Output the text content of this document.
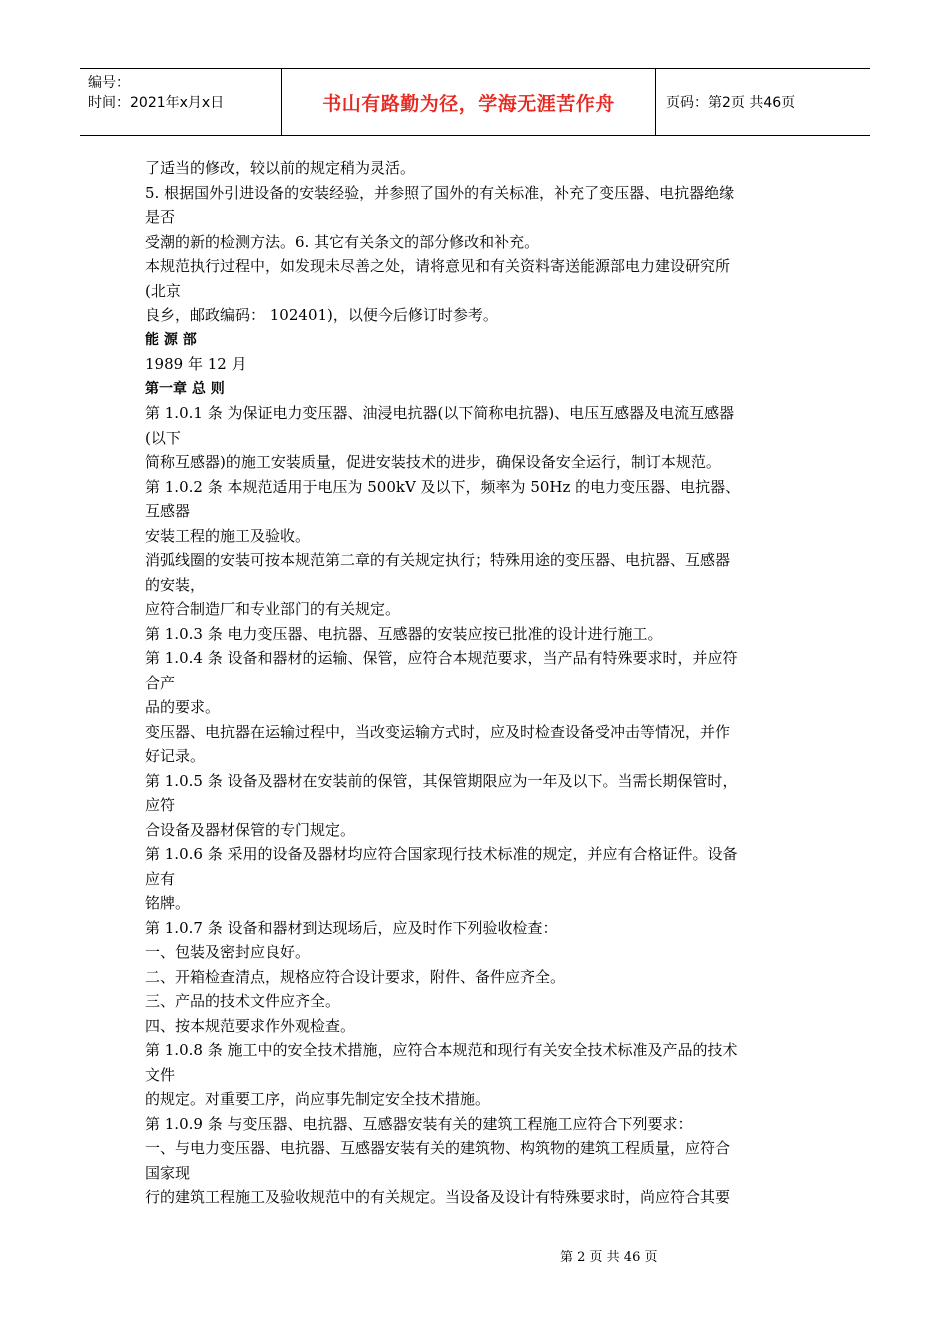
编号：
时间：2021年x月x日	书山有路勤为径，学海无涯苦作舟	页码：第2页 共46页

了适当的修改，较以前的规定稍为灵活。

5. 根据国外引进设备的安装经验，并参照了国外的有关标准，补充了变压器、电抗器绝缘

是否

受潮的新的检测方法。6. 其它有关条文的部分修改和补充。

本规范执行过程中，如发现未尽善之处，请将意见和有关资料寄送能源部电力建设研究所

(北京

良乡，邮政编码： 102401)，以便今后修订时参考。

能 源 部

1989 年 12 月

第一章 总 则

第 1.0.1 条 为保证电力变压器、油浸电抗器(以下简称电抗器)、电压互感器及电流互感器

(以下

简称互感器)的施工安装质量，促进安装技术的进步，确保设备安全运行，制订本规范。

第 1.0.2 条 本规范适用于电压为 500kV 及以下，频率为 50Hz 的电力变压器、电抗器、

互感器

安装工程的施工及验收。

消弧线圈的安装可按本规范第二章的有关规定执行；特殊用途的变压器、电抗器、互感器

的安装，

应符合制造厂和专业部门的有关规定。

第 1.0.3 条 电力变压器、电抗器、互感器的安装应按已批准的设计进行施工。

第 1.0.4 条 设备和器材的运输、保管，应符合本规范要求，当产品有特殊要求时，并应符

合产

品的要求。

变压器、电抗器在运输过程中，当改变运输方式时，应及时检查设备受冲击等情况，并作

好记录。

第 1.0.5 条 设备及器材在安装前的保管，其保管期限应为一年及以下。当需长期保管时，

应符

合设备及器材保管的专门规定。

第 1.0.6 条 采用的设备及器材均应符合国家现行技术标准的规定，并应有合格证件。设备

应有

铭牌。

第 1.0.7 条 设备和器材到达现场后，应及时作下列验收检查：

一、包装及密封应良好。

二、开箱检查清点，规格应符合设计要求，附件、备件应齐全。

三、产品的技术文件应齐全。

四、按本规范要求作外观检查。

第 1.0.8 条 施工中的安全技术措施，应符合本规范和现行有关安全技术标准及产品的技术

文件

的规定。对重要工序，尚应事先制定安全技术措施。

第 1.0.9 条 与变压器、电抗器、互感器安装有关的建筑工程施工应符合下列要求：

一、与电力变压器、电抗器、互感器安装有关的建筑物、构筑物的建筑工程质量，应符合

国家现

行的建筑工程施工及验收规范中的有关规定。当设备及设计有特殊要求时，尚应符合其要

第 2 页 共 46 页
